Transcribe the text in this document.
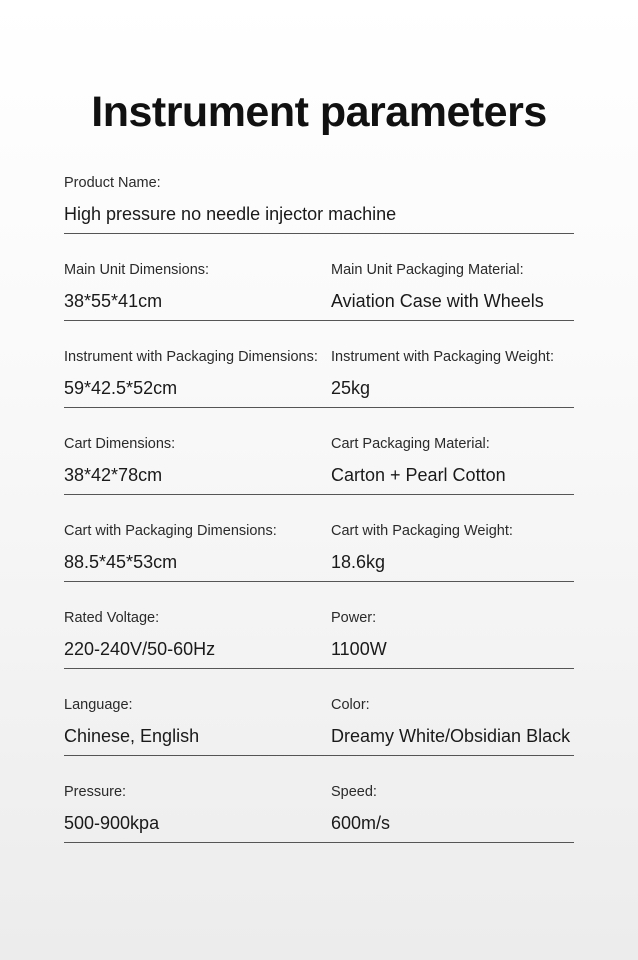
Instrument parameters
Product Name:
High pressure no needle injector machine
Main Unit Dimensions:
38*55*41cm
Main Unit Packaging Material:
Aviation Case with Wheels
Instrument with Packaging Dimensions:
59*42.5*52cm
Instrument with Packaging Weight:
25kg
Cart Dimensions:
38*42*78cm
Cart Packaging Material:
Carton + Pearl Cotton
Cart with Packaging Dimensions:
88.5*45*53cm
Cart with Packaging Weight:
18.6kg
Rated Voltage:
220-240V/50-60Hz
Power:
1100W
Language:
Chinese, English
Color:
Dreamy White/Obsidian Black
Pressure:
500-900kpa
Speed:
600m/s
